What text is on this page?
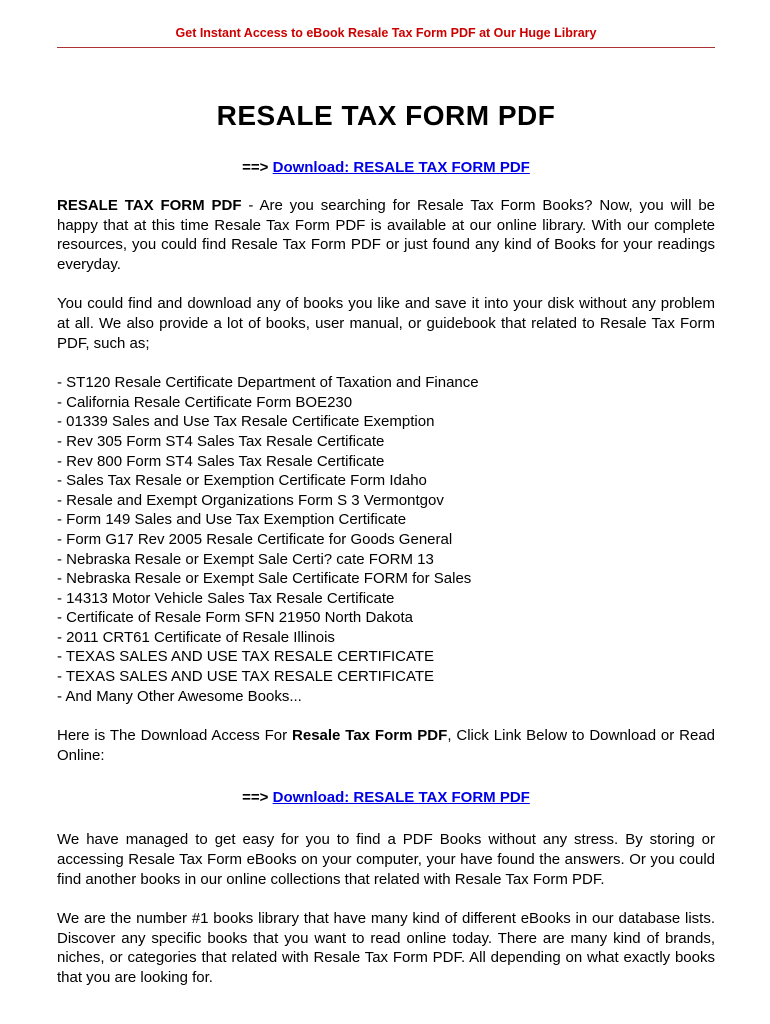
Get Instant Access to eBook Resale Tax Form PDF at Our Huge Library
RESALE TAX FORM PDF
==> Download: RESALE TAX FORM PDF

RESALE TAX FORM PDF - Are you searching for Resale Tax Form Books? Now, you will be happy that at this time Resale Tax Form PDF is available at our online library. With our complete resources, you could find Resale Tax Form PDF or just found any kind of Books for your readings everyday.

You could find and download any of books you like and save it into your disk without any problem at all. We also provide a lot of books, user manual, or guidebook that related to Resale Tax Form PDF, such as;

- ST120 Resale Certificate Department of Taxation and Finance
- California Resale Certificate Form BOE230
- 01339 Sales and Use Tax Resale Certificate Exemption
- Rev 305 Form ST4 Sales Tax Resale Certificate
- Rev 800 Form ST4 Sales Tax Resale Certificate
- Sales Tax Resale or Exemption Certificate Form Idaho
- Resale and Exempt Organizations Form S 3 Vermontgov
- Form 149 Sales and Use Tax Exemption Certificate
- Form G17 Rev 2005 Resale Certificate for Goods General
- Nebraska Resale or Exempt Sale Certi? cate FORM 13
- Nebraska Resale or Exempt Sale Certificate FORM for Sales
- 14313 Motor Vehicle Sales Tax Resale Certificate
- Certificate of Resale Form SFN 21950 North Dakota
- 2011 CRT61 Certificate of Resale Illinois
- TEXAS SALES AND USE TAX RESALE CERTIFICATE
- TEXAS SALES AND USE TAX RESALE CERTIFICATE
- And Many Other Awesome Books...

Here is The Download Access For Resale Tax Form PDF, Click Link Below to Download or Read Online:

==> Download: RESALE TAX FORM PDF

We have managed to get easy for you to find a PDF Books without any stress. By storing or accessing Resale Tax Form eBooks on your computer, your have found the answers. Or you could find another books in our online collections that related with Resale Tax Form PDF.

We are the number #1 books library that have many kind of different eBooks in our database lists. Discover any specific books that you want to read online today. There are many kind of brands, niches, or categories that related with Resale Tax Form PDF. All depending on what exactly books that you are looking for.
